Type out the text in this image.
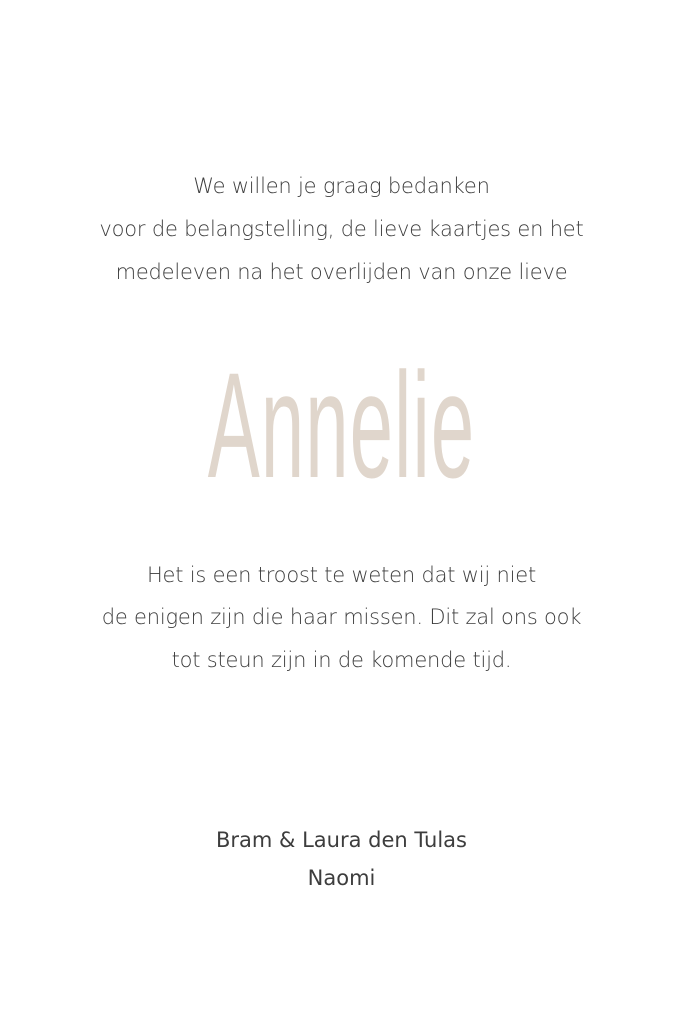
We willen je graag bedanken
voor de belangstelling, de lieve kaartjes en het
medeleven na het overlijden van onze lieve
Annelie
Het is een troost te weten dat wij niet
de enigen zijn die haar missen. Dit zal ons ook
tot steun zijn in de komende tijd.
Bram & Laura den Tulas
Naomi
